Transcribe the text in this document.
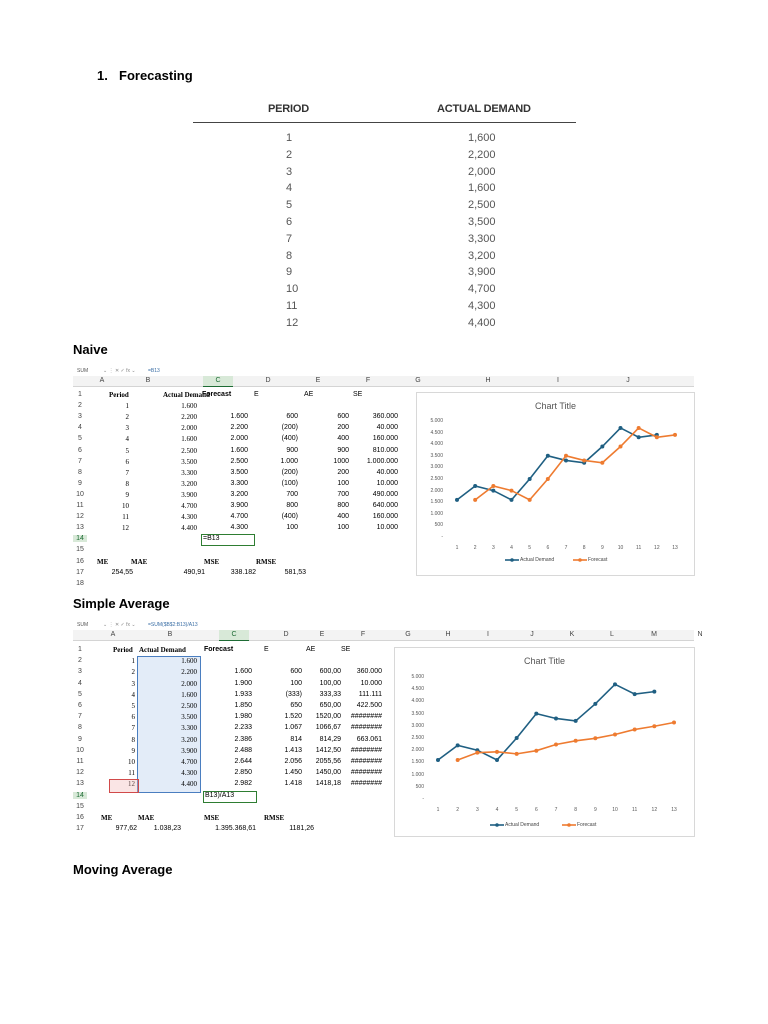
1. Forecasting
PERIOD	ACTUAL DEMAND
1	1,600
2	2,200
3	2,000
4	1,600
5	2,500
6	3,500
7	3,300
8	3,200
9	3,900
10	4,700
11	4,300
12	4,400
Naive
Simple Average
Moving Average
SUM	⌄ ⋮ ✕ ✓ fx ⌄ =B13
A	B	C	D	E	F	G	H	I	J
1
2
3
4
5
6
7
8
9
10
11
12
13
14
15
16
17
18
Period	Actual Demand
Forecast	E	AE	SE
1	1.600
2	2.200	1.600	600	600	360.000
3	2.000	2.200	(200)	200	40.000
4	1.600	2.000	(400)	400	160.000
5	2.500	1.600	900	900	810.000
6	3.500	2.500	1.000	1000	1.000.000
7	3.300	3.500	(200)	200	40.000
8	3.200	3.300	(100)	100	10.000
9	3.900	3.200	700	700	490.000
10	4.700	3.900	800	800	640.000
11	4.300	4.700	(400)	400	160.000
12	4.400	4.300	100	100	10.000
=B13
ME	MAE	MSE	RMSE
254,55	490,91	338.182	581,53
Chart Title
5.000
4.500
4.000
3.500
3.000
2.500
2.000
1.500
1.000
500
-
1	2	3	4	5	6	7	8	9	10	11	12	13
Actual Demand	Forecast
SUM	⌄ ⋮ ✕ ✓ fx ⌄ =SUM($B$2:B13)/A13
A	B	C	D	E	F	G	H	I	J	K	L	M	N
1
2
3
4
5
6
7
8
9
10
11
12
13
14
15
16
17
Period Actual Demand	Forecast	E	AE	SE
1	1.600
2	2.200	1.600	600	600,00	360.000
3	2.000	1.900	100	100,00	10.000
4	1.600	1.933	(333)	333,33	111.111
5	2.500	1.850	650	650,00	422.500
6	3.500	1.980	1.520	1520,00	########
7	3.300	2.233	1.067	1066,67	########
8	3.200	2.386	814	814,29	663.061
9	3.900	2.488	1.413	1412,50	########
10	4.700	2.644	2.056	2055,56	########
11	4.300	2.850	1.450	1450,00	########
12	4.400	2.982	1.418	1418,18	########
B13)/A13
ME	MAE	MSE	RMSE
977,62	1.038,23	1.395.368,61	1181,26
Chart Title
5.000
4.500
4.000
3.500
3.000
2.500
2.000
1.500
1.000
500
-
1	2	3	4	5	6	7	8	9	10	11	12	13
Actual Demand	Forecast
